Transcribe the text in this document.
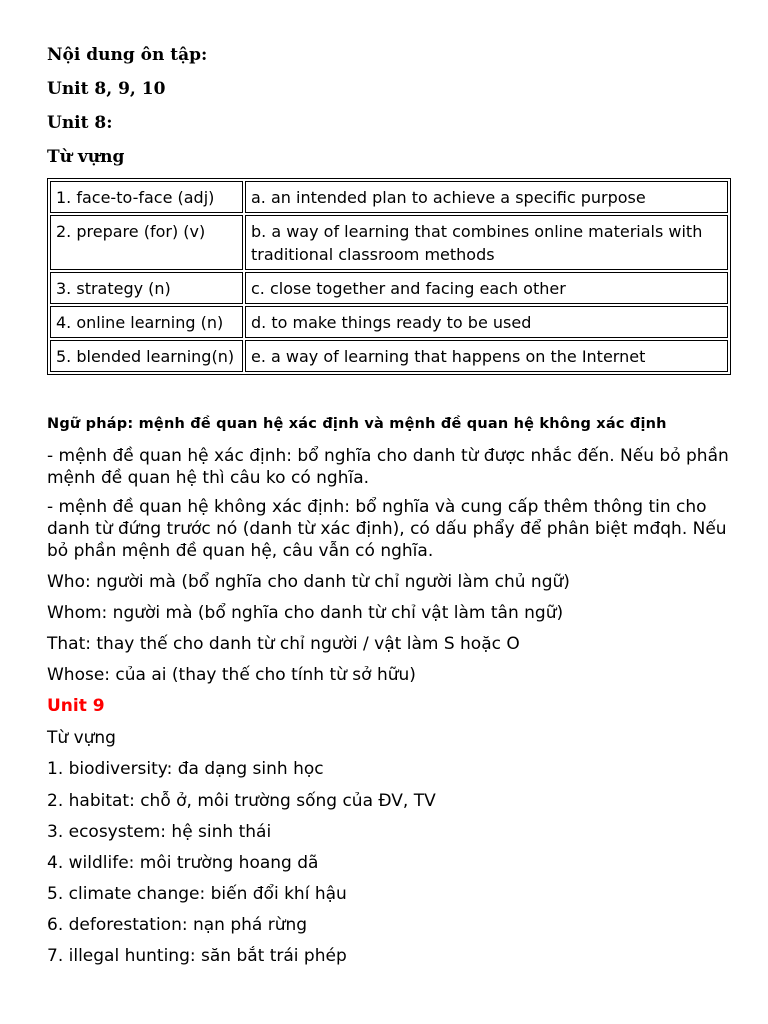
Nội dung ôn tập:
Unit 8, 9, 10
Unit 8:
Từ vựng
1. face-to-face (adj)	a. an intended plan to achieve a specific purpose
2. prepare (for) (v)	b. a way of learning that combines online materials with traditional classroom methods
3. strategy (n)	c. close together and facing each other
4. online learning (n)	d. to make things ready to be used
5. blended learning(n)	e. a way of learning that happens on the Internet
Ngữ pháp: mệnh đề quan hệ xác định và mệnh đề quan hệ không xác định
- mệnh đề quan hệ xác định: bổ nghĩa cho danh từ được nhắc đến. Nếu bỏ phần mệnh đề quan hệ thì câu ko có nghĩa.
- mệnh đề quan hệ không xác định: bổ nghĩa và cung cấp thêm thông tin cho danh từ đứng trước nó (danh từ xác định), có dấu phẩy để phân biệt mđqh. Nếu bỏ phần mệnh đề quan hệ, câu vẫn có nghĩa.
Who: người mà (bổ nghĩa cho danh từ chỉ người làm chủ ngữ)
Whom: người mà (bổ nghĩa cho danh từ chỉ vật làm tân ngữ)
That: thay thế cho danh từ chỉ người / vật làm S hoặc O
Whose: của ai (thay thế cho tính từ sở hữu)
Unit 9
Từ vựng
1. biodiversity: đa dạng sinh học
2. habitat: chỗ ở, môi trường sống của ĐV, TV
3. ecosystem: hệ sinh thái
4. wildlife: môi trường hoang dã
5. climate change: biến đổi khí hậu
6. deforestation: nạn phá rừng
7. illegal hunting: săn bắt trái phép
